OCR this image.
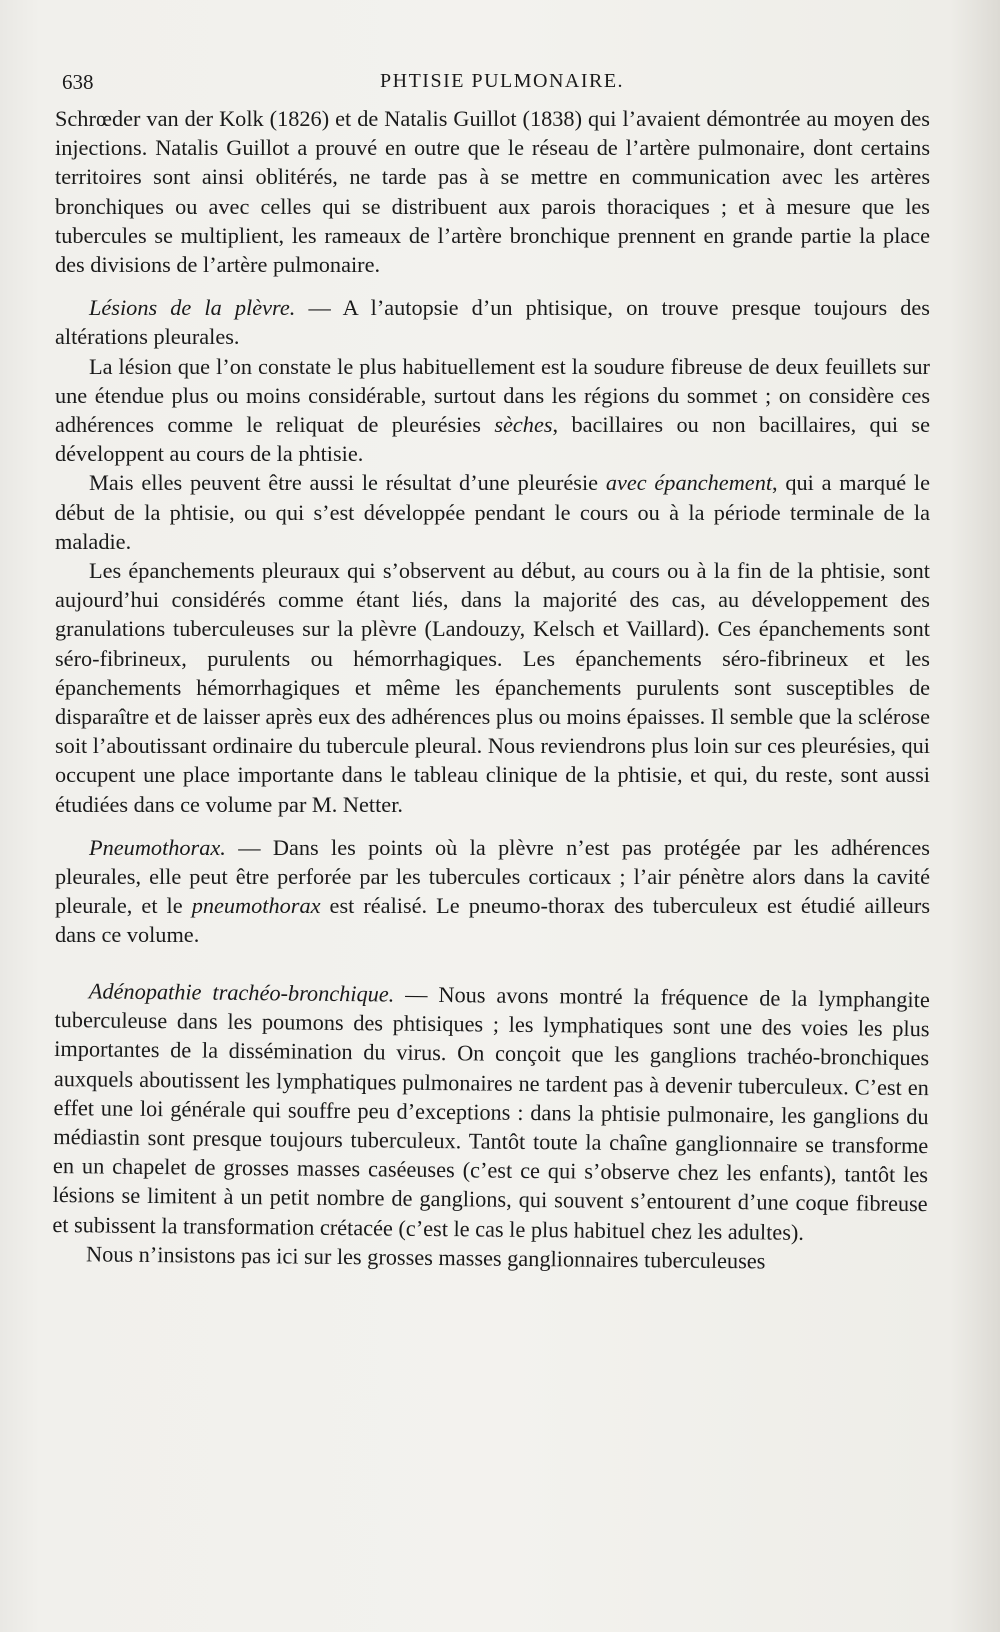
638	PHTISIE PULMONAIRE.

Schrœder van der Kolk (1826) et de Natalis Guillot (1838) qui l’avaient démontrée au moyen des injections. Natalis Guillot a prouvé en outre que le réseau de l’artère pulmonaire, dont certains territoires sont ainsi oblitérés, ne tarde pas à se mettre en communication avec les artères bronchiques ou avec celles qui se distribuent aux parois thoraciques ; et à mesure que les tubercules se multiplient, les rameaux de l’artère bronchique prennent en grande partie la place des divisions de l’artère pulmonaire.

Lésions de la plèvre. — A l’autopsie d’un phtisique, on trouve presque toujours des altérations pleurales.

La lésion que l’on constate le plus habituellement est la soudure fibreuse de deux feuillets sur une étendue plus ou moins considérable, surtout dans les régions du sommet ; on considère ces adhérences comme le reliquat de pleurésies sèches, bacillaires ou non bacillaires, qui se développent au cours de la phtisie.

Mais elles peuvent être aussi le résultat d’une pleurésie avec épanchement, qui a marqué le début de la phtisie, ou qui s’est développée pendant le cours ou à la période terminale de la maladie.

Les épanchements pleuraux qui s’observent au début, au cours ou à la fin de la phtisie, sont aujourd’hui considérés comme étant liés, dans la majorité des cas, au développement des granulations tuberculeuses sur la plèvre (Landouzy, Kelsch et Vaillard). Ces épanchements sont séro-fibrineux, purulents ou hémorrhagiques. Les épanchements séro-fibrineux et les épanchements hémorrhagiques et même les épanchements purulents sont susceptibles de disparaître et de laisser après eux des adhérences plus ou moins épaisses. Il semble que la sclérose soit l’aboutissant ordinaire du tubercule pleural. Nous reviendrons plus loin sur ces pleurésies, qui occupent une place importante dans le tableau clinique de la phtisie, et qui, du reste, sont aussi étudiées dans ce volume par M. Netter.

Pneumothorax. — Dans les points où la plèvre n’est pas protégée par les adhérences pleurales, elle peut être perforée par les tubercules corticaux ; l’air pénètre alors dans la cavité pleurale, et le pneumothorax est réalisé. Le pneumo-thorax des tuberculeux est étudié ailleurs dans ce volume.

Adénopathie trachéo-bronchique. — Nous avons montré la fréquence de la lymphangite tuberculeuse dans les poumons des phtisiques ; les lymphatiques sont une des voies les plus importantes de la dissémination du virus. On conçoit que les ganglions trachéo-bronchiques auxquels aboutissent les lymphatiques pulmonaires ne tardent pas à devenir tuberculeux. C’est en effet une loi générale qui souffre peu d’exceptions : dans la phtisie pulmonaire, les ganglions du médiastin sont presque toujours tuberculeux. Tantôt toute la chaîne ganglionnaire se transforme en un chapelet de grosses masses caséeuses (c’est ce qui s’observe chez les enfants), tantôt les lésions se limitent à un petit nombre de ganglions, qui souvent s’entourent d’une coque fibreuse et subissent la transformation crétacée (c’est le cas le plus habituel chez les adultes).

Nous n’insistons pas ici sur les grosses masses ganglionnaires tuberculeuses
